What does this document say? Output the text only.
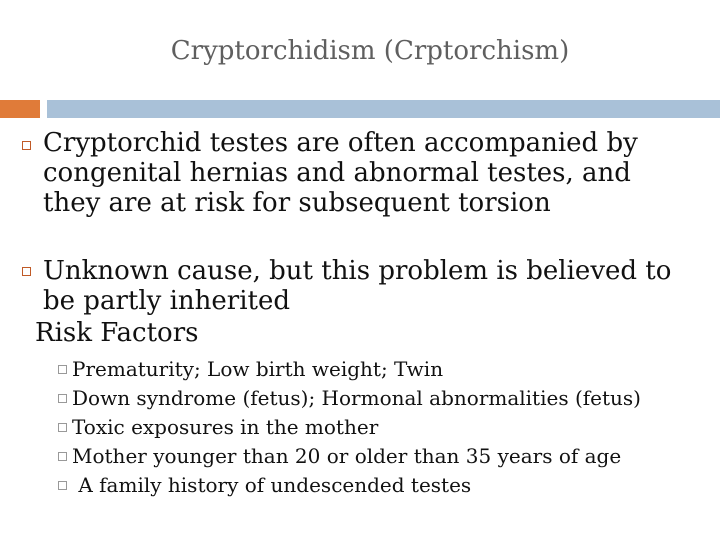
Cryptorchidism (Crptorchism)
Cryptorchid testes are often accompanied by congenital hernias and abnormal testes, and they are at risk for subsequent torsion
Unknown cause, but this problem is believed to be partly inherited
Risk Factors
Prematurity; Low birth weight; Twin
Down syndrome (fetus); Hormonal abnormalities (fetus)
Toxic exposures in the mother
Mother younger than 20 or older than 35 years of age
A family history of undescended testes
